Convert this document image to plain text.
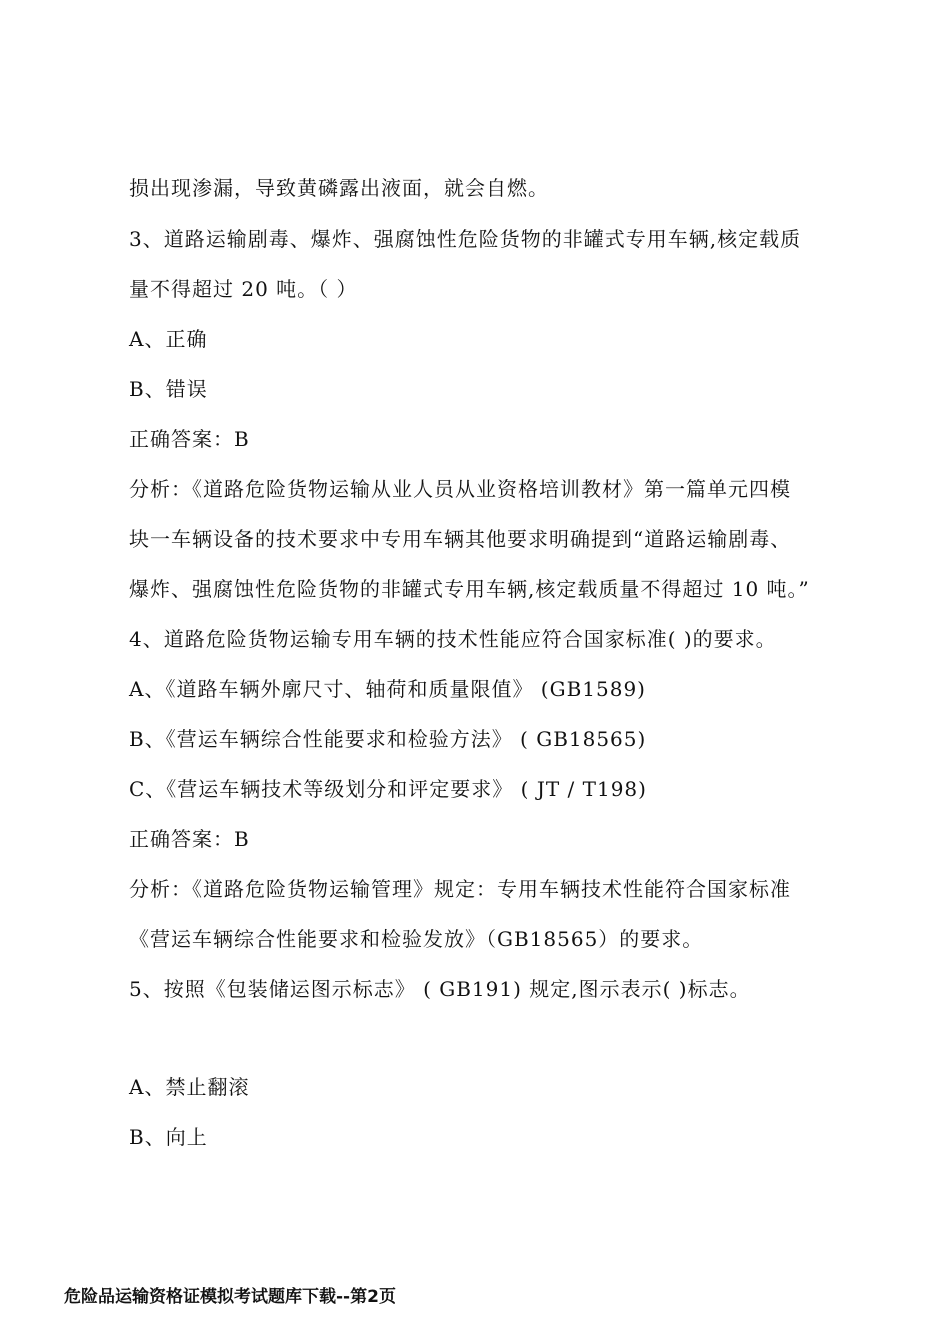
损出现渗漏，导致黄磷露出液面，就会自燃。
3、道路运输剧毒、爆炸、强腐蚀性危险货物的非罐式专用车辆,核定载质
量不得超过 20 吨。（ ）
A、正确
B、错误
正确答案：B
分析：《道路危险货物运输从业人员从业资格培训教材》第一篇单元四模
块一车辆设备的技术要求中专用车辆其他要求明确提到“道路运输剧毒、
爆炸、强腐蚀性危险货物的非罐式专用车辆,核定载质量不得超过 10 吨。”
4、道路危险货物运输专用车辆的技术性能应符合国家标准( )的要求。
A、《道路车辆外廓尺寸、轴荷和质量限值》 (GB1589)
B、《营运车辆综合性能要求和检验方法》 ( GB18565)
C、《营运车辆技术等级划分和评定要求》 ( JT / T198)
正确答案：B
分析：《道路危险货物运输管理》规定：专用车辆技术性能符合国家标准
《营运车辆综合性能要求和检验发放》（GB18565）的要求。
5、按照《包装储运图示标志》 ( GB191) 规定,图示表示( )标志。
A、禁止翻滚
B、向上
危险品运输资格证模拟考试题库下载--第2页
